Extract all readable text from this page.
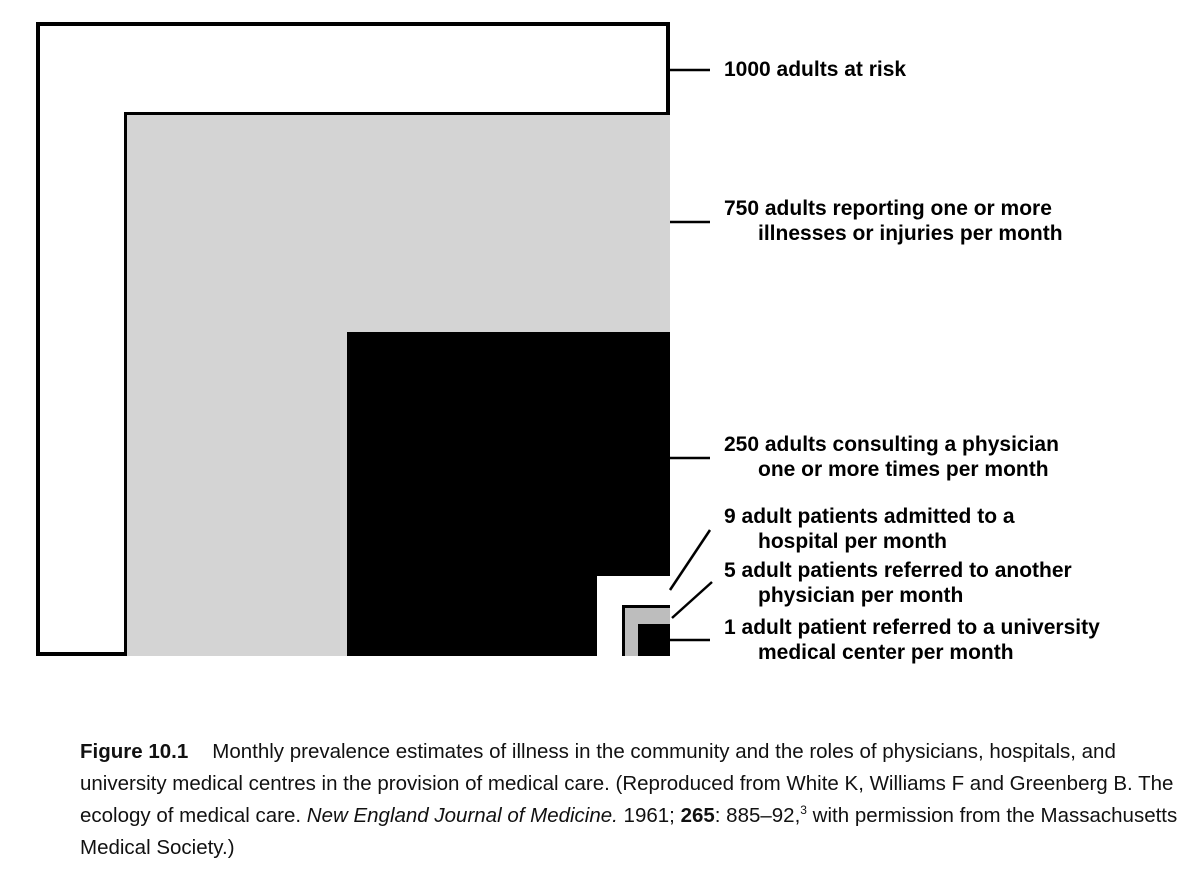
1000 adults at risk
750 adults reporting one or more
illnesses or injuries per month
250 adults consulting a physician
one or more times per month
9 adult patients admitted to a
hospital per month
5 adult patients referred to another
physician per month
1 adult patient referred to a university
medical center per month
Figure 10.1 Monthly prevalence estimates of illness in the community and the roles of physicians, hospitals, and university medical centres in the provision of medical care. (Reproduced from White K, Williams F and Greenberg B. The ecology of medical care. New England Journal of Medicine. 1961; 265: 885–92,$^3$ with permission from the Massachusetts Medical Society.)
